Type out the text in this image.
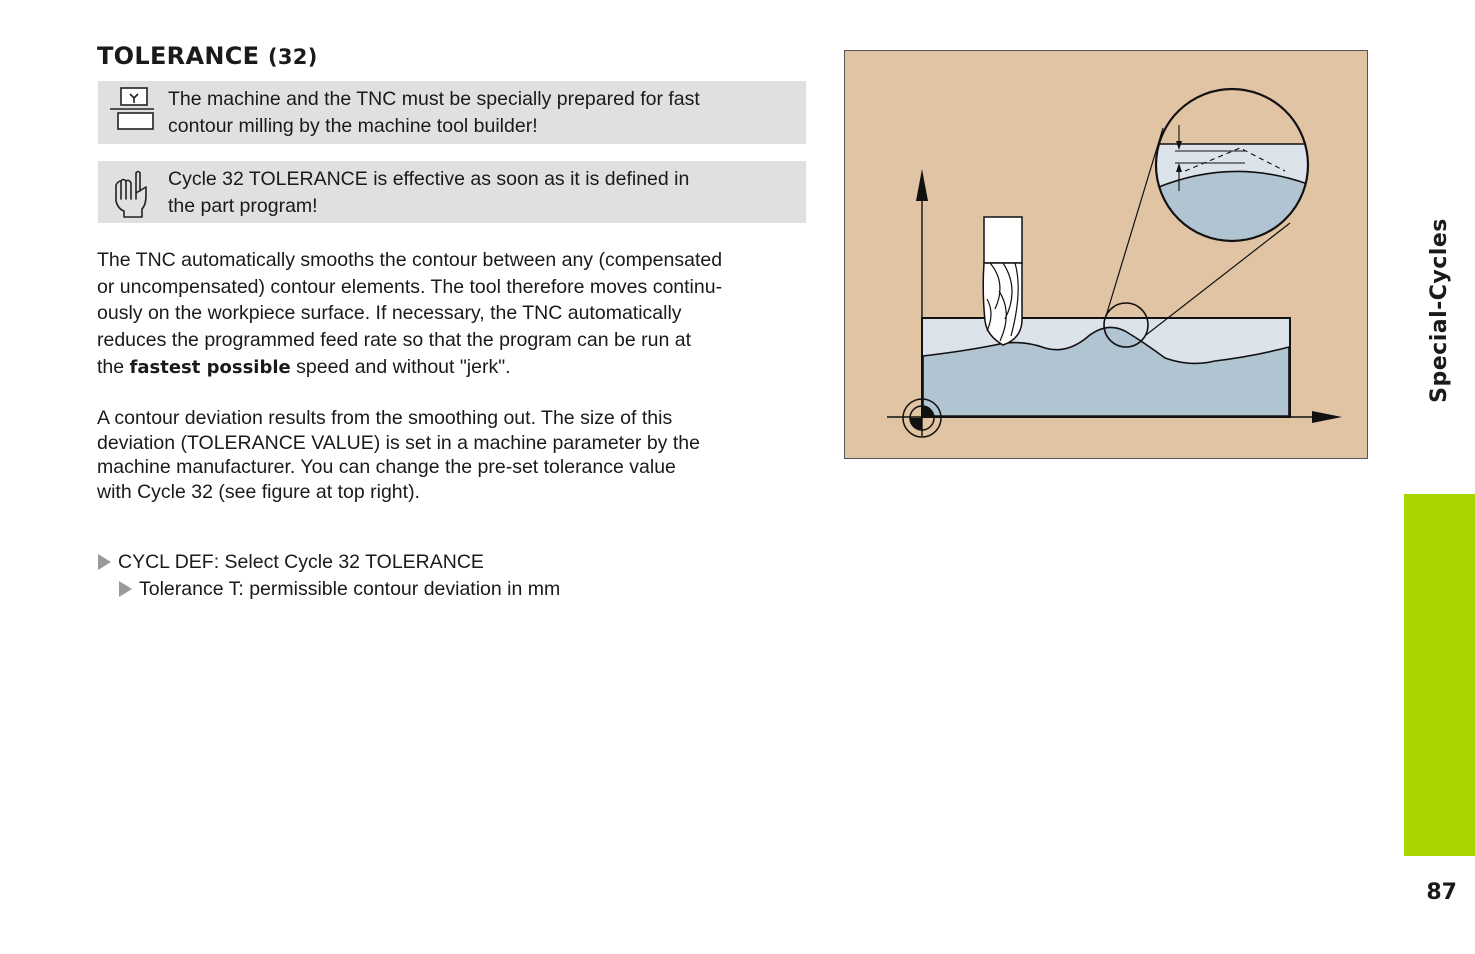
TOLERANCE (32)
The machine and the TNC must be specially prepared for fast
contour milling by the machine tool builder!
Cycle 32 TOLERANCE is effective as soon as it is defined in
the part program!

The TNC automatically smooths the contour between any (compensated
or uncompensated) contour elements. The tool therefore moves continu-
ously on the workpiece surface. If necessary, the TNC automatically
reduces the programmed feed rate so that the program can be run at
the fastest possible speed and without "jerk".

A contour deviation results from the smoothing out. The size of this
deviation (TOLERANCE VALUE) is set in a machine parameter by the
machine manufacturer. You can change the pre-set tolerance value
with Cycle 32 (see figure at top right).

CYCL DEF: Select Cycle 32 TOLERANCE
Tolerance T: permissible contour deviation in mm
Special-Cycles
87
